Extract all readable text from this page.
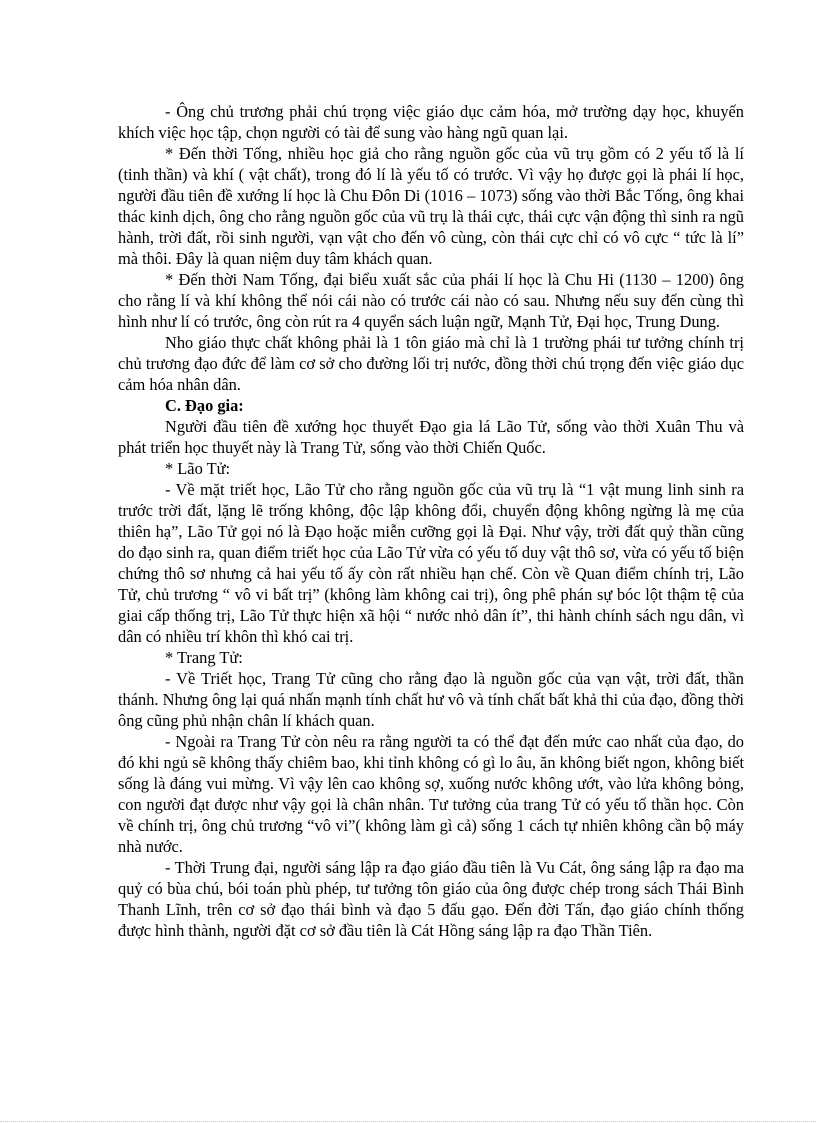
- Ông chủ trương phải chú trọng việc giáo dục cảm hóa, mở trường dạy học, khuyến khích việc học tập, chọn người có tài để sung vào hàng ngũ quan lại.

* Đến thời Tống, nhiều học giả cho rằng nguồn gốc của vũ trụ gồm có 2 yếu tố là lí (tinh thần) và khí ( vật chất), trong đó lí là yếu tố có trước. Vì vậy họ được gọi là phái lí học, người đầu tiên đề xướng lí học là Chu Đôn Di (1016 – 1073) sống vào thời Bắc Tống, ông khai thác kinh dịch, ông cho rằng nguồn gốc của vũ trụ là thái cực, thái cực vận động thì sinh ra ngũ hành, trời đất, rồi sinh người, vạn vật cho đến vô cùng, còn thái cực chỉ có vô cực “ tức là lí” mà thôi. Đây là quan niệm duy tâm khách quan.

* Đến thời Nam Tống, đại biểu xuất sắc của phái lí học là Chu Hi (1130 – 1200) ông cho rằng lí và khí không thể nói cái nào có trước cái nào có sau. Nhưng nếu suy đến cùng thì hình như lí có trước, ông còn rút ra 4 quyển sách luận ngữ, Mạnh Tử, Đại học, Trung Dung.

Nho giáo thực chất không phải là 1 tôn giáo mà chỉ là 1 trường phái tư tưởng chính trị chủ trương đạo đức để làm cơ sở cho đường lối trị nước, đồng thời chú trọng đến việc giáo dục cảm hóa nhân dân.

C. Đạo gia:

Người đầu tiên đề xướng học thuyết Đạo gia lá Lão Tử, sống vào thời Xuân Thu và phát triển học thuyết này là Trang Tử, sống vào thời Chiến Quốc.

* Lão Tử:

- Về mặt triết học, Lão Tử cho rằng nguồn gốc của vũ trụ là “1 vật mung linh sinh ra trước trời đất, lặng lẽ trống không, độc lập không đổi, chuyển động không ngừng là mẹ của thiên hạ”, Lão Tử gọi nó là Đạo hoặc miễn cưỡng gọi là Đại. Như vậy, trời đất quỷ thần cũng do đạo sinh ra, quan điểm triết học của Lão Tử vừa có yếu tố duy vật thô sơ, vừa có yếu tố biện chứng thô sơ nhưng cả hai yếu tố ấy còn rất nhiều hạn chế. Còn về Quan điểm chính trị, Lão Tử, chủ trương “ vô vi bất trị” (không làm không cai trị), ông phê phán sự bóc lột thậm tệ của giai cấp thống trị, Lão Tử thực hiện xã hội “ nước nhỏ dân ít”, thi hành chính sách ngu dân, vì dân có nhiều trí khôn thì khó cai trị.

* Trang Tử:

- Về Triết học, Trang Tử cũng cho rằng đạo là nguồn gốc của vạn vật, trời đất, thần thánh. Nhưng ông lại quá nhấn mạnh tính chất hư vô và tính chất bất khả thi của đạo, đồng thời ông cũng phủ nhận chân lí khách quan.

- Ngoài ra Trang Tử còn nêu ra rằng người ta có thể đạt đến mức cao nhất của đạo, do đó khi ngủ sẽ không thấy chiêm bao, khi tỉnh không có gì lo âu, ăn không biết ngon, không biết sống là đáng vui mừng. Vì vậy lên cao không sợ, xuống nước không ướt, vào lửa không bỏng, con người đạt được như vậy gọi là chân nhân. Tư tưởng của trang Tử có yếu tố thần học. Còn về chính trị, ông chủ trương “vô vi”( không làm gì cả) sống 1 cách tự nhiên không cần bộ máy nhà nước.

- Thời Trung đại, người sáng lập ra đạo giáo đầu tiên là Vu Cát, ông sáng lập ra đạo ma quỷ có bùa chú, bói toán phù phép, tư tưởng tôn giáo của ông được chép trong sách Thái Bình Thanh Lĩnh, trên cơ sở đạo thái bình và đạo 5 đấu gạo. Đến đời Tấn, đạo giáo chính thống được hình thành, người đặt cơ sở đầu tiên là Cát Hồng sáng lập ra đạo Thần Tiên.
